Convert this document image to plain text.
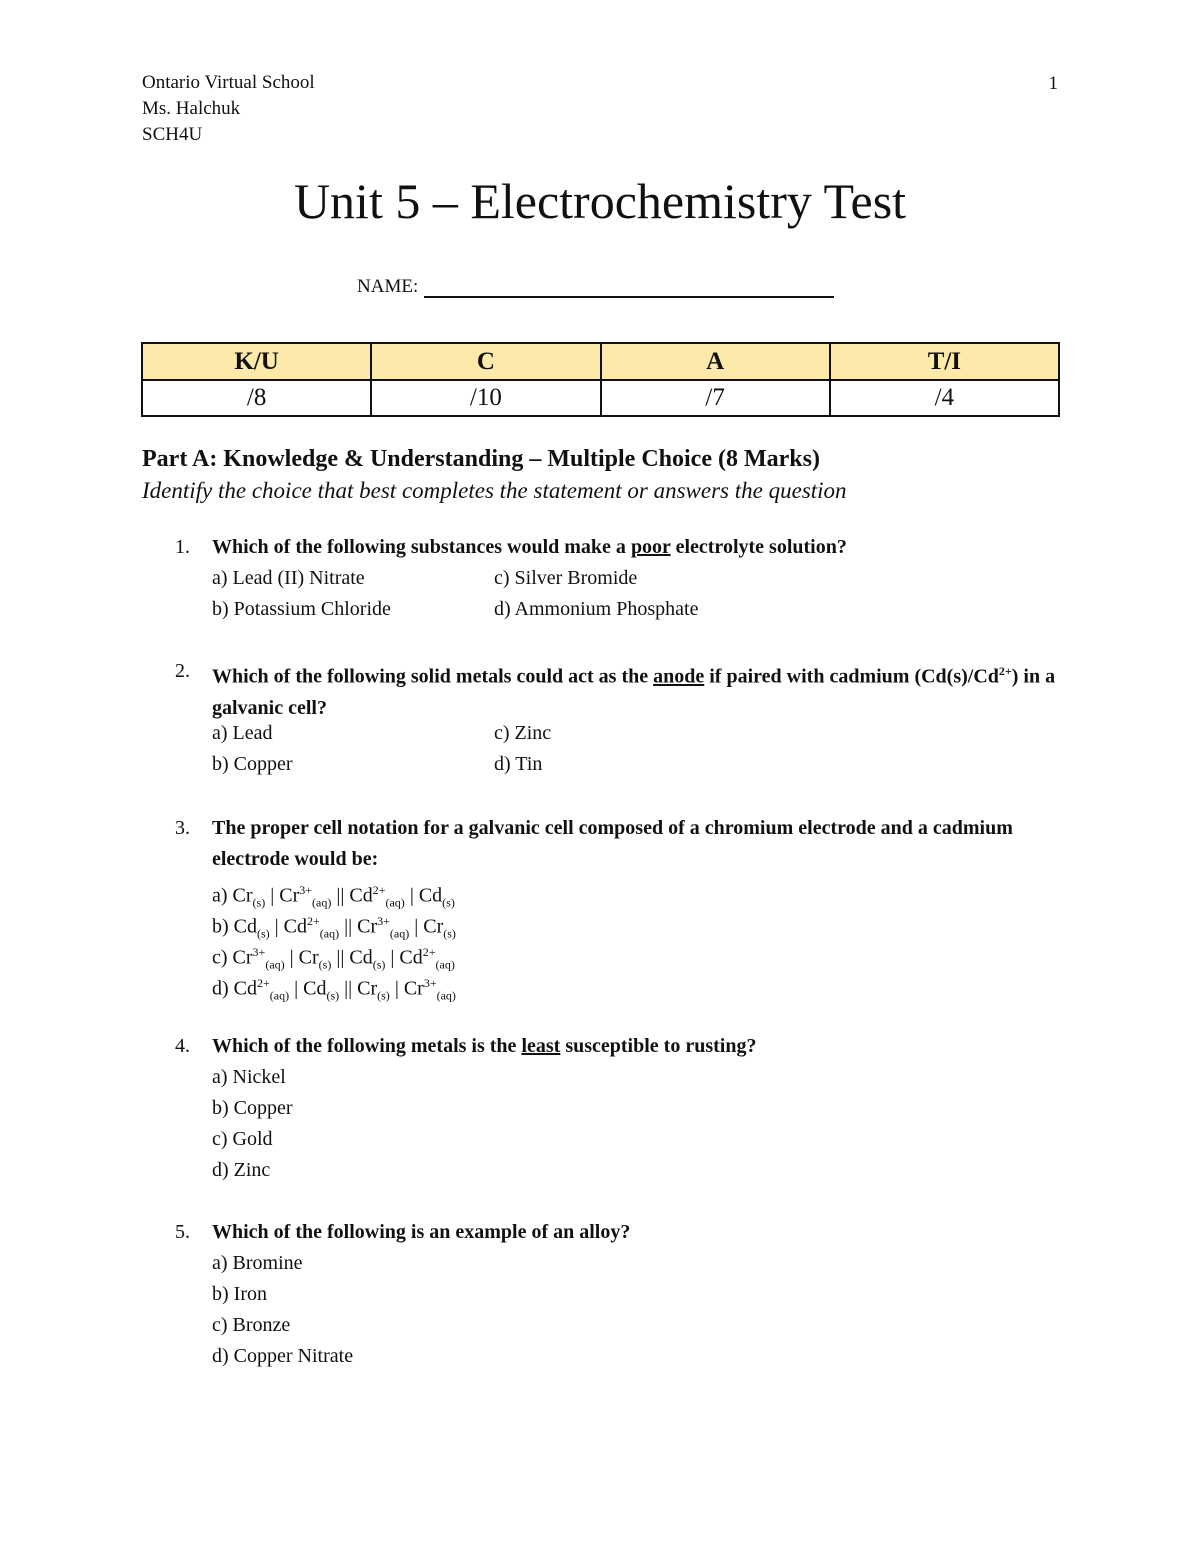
Ontario Virtual School
Ms. Halchuk
SCH4U
1
Unit 5 – Electrochemistry Test
NAME:
K/U	C	A	T/I
/8	/10	/7	/4
Part A: Knowledge & Understanding – Multiple Choice (8 Marks)
Identify the choice that best completes the statement or answers the question
1. Which of the following substances would make a poor electrolyte solution?
a) Lead (II) Nitrate	c) Silver Bromide
b) Potassium Chloride	d) Ammonium Phosphate
2. Which of the following solid metals could act as the anode if paired with cadmium $(Cd(s)/Cd^{2+})$ in a galvanic cell?
a) Lead	c) Zinc
b) Copper	d) Tin
3. The proper cell notation for a galvanic cell composed of a chromium electrode and a cadmium electrode would be:
a) $Cr_{(s)}$ | $Cr^{3+}_{(aq)}$ || $Cd^{2+}_{(aq)}$ | $Cd_{(s)}$
b) $Cd_{(s)}$ | $Cd^{2+}_{(aq)}$ || $Cr^{3+}_{(aq)}$ | $Cr_{(s)}$
c) $Cr^{3+}_{(aq)}$ | $Cr_{(s)}$ || $Cd_{(s)}$ | $Cd^{2+}_{(aq)}$
d) $Cd^{2+}_{(aq)}$ | $Cd_{(s)}$ || $Cr_{(s)}$ | $Cr^{3+}_{(aq)}$
4. Which of the following metals is the least susceptible to rusting?
a) Nickel
b) Copper
c) Gold
d) Zinc
5. Which of the following is an example of an alloy?
a) Bromine
b) Iron
c) Bronze
d) Copper Nitrate
